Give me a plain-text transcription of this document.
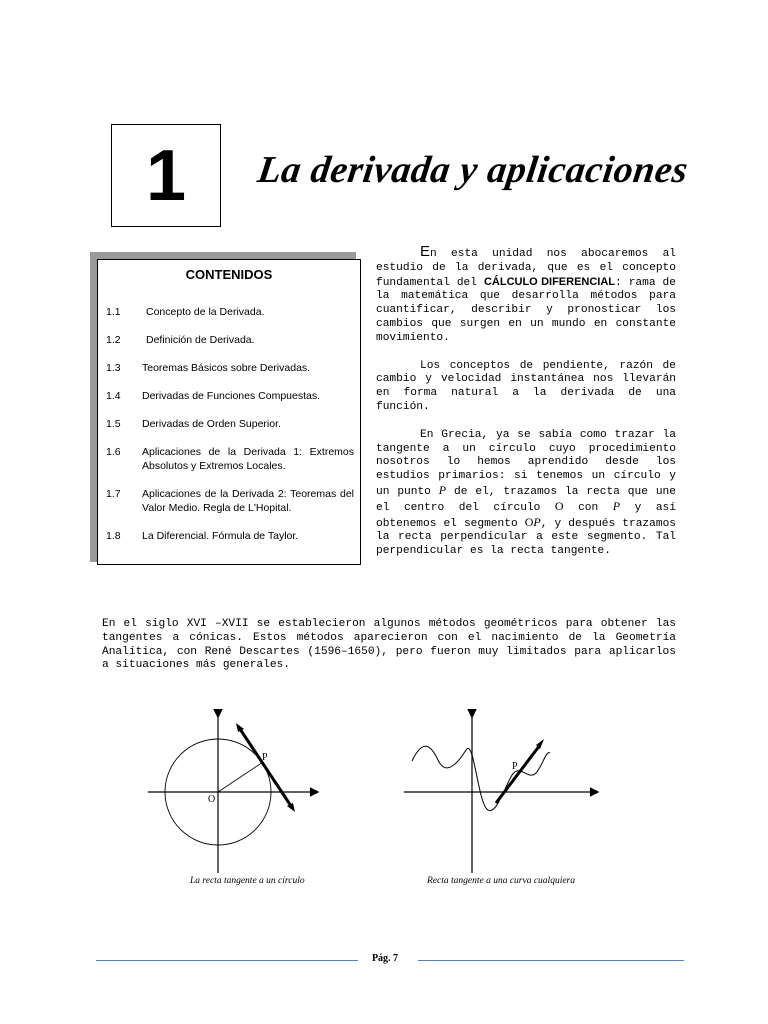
1 La derivada y aplicaciones
CONTENIDOS
1.1	Concepto de la Derivada.
1.2	Definición de Derivada.
1.3	Teoremas Básicos sobre Derivadas.
1.4	Derivadas de Funciones Compuestas.
1.5	Derivadas de Orden Superior.
1.6	Aplicaciones de la Derivada 1: Extremos Absolutos y Extremos Locales.
1.7	Aplicaciones de la Derivada 2: Teoremas del Valor Medio. Regla de L'Hopital.
1.8	La Diferencial. Fórmula de Taylor.

En esta unidad nos abocaremos al estudio de la derivada, que es el concepto fundamental del CÁLCULO DIFERENCIAL: rama de la matemática que desarrolla métodos para cuantificar, describir y pronosticar los cambios que surgen en un mundo en constante movimiento.

Los conceptos de pendiente, razón de cambio y velocidad instantánea nos llevarán en forma natural a la derivada de una función.

En Grecia, ya se sabía como trazar la tangente a un círculo cuyo procedimiento nosotros lo hemos aprendido desde los estudios primarios: si tenemos un círculo y un punto P de el, trazamos la recta que une el centro del círculo O con P y así obtenemos el segmento OP, y después trazamos la recta perpendicular a este segmento. Tal perpendicular es la recta tangente.

En el siglo XVI –XVII se establecieron algunos métodos geométricos para obtener las tangentes a cónicas. Estos métodos aparecieron con el nacimiento de la Geometría Analítica, con René Descartes (1596–1650), pero fueron muy limitados para aplicarlos a situaciones más generales.

P
O
P
La recta tangente a un círculo	Recta tangente a una curva cualquiera
Pág. 7
